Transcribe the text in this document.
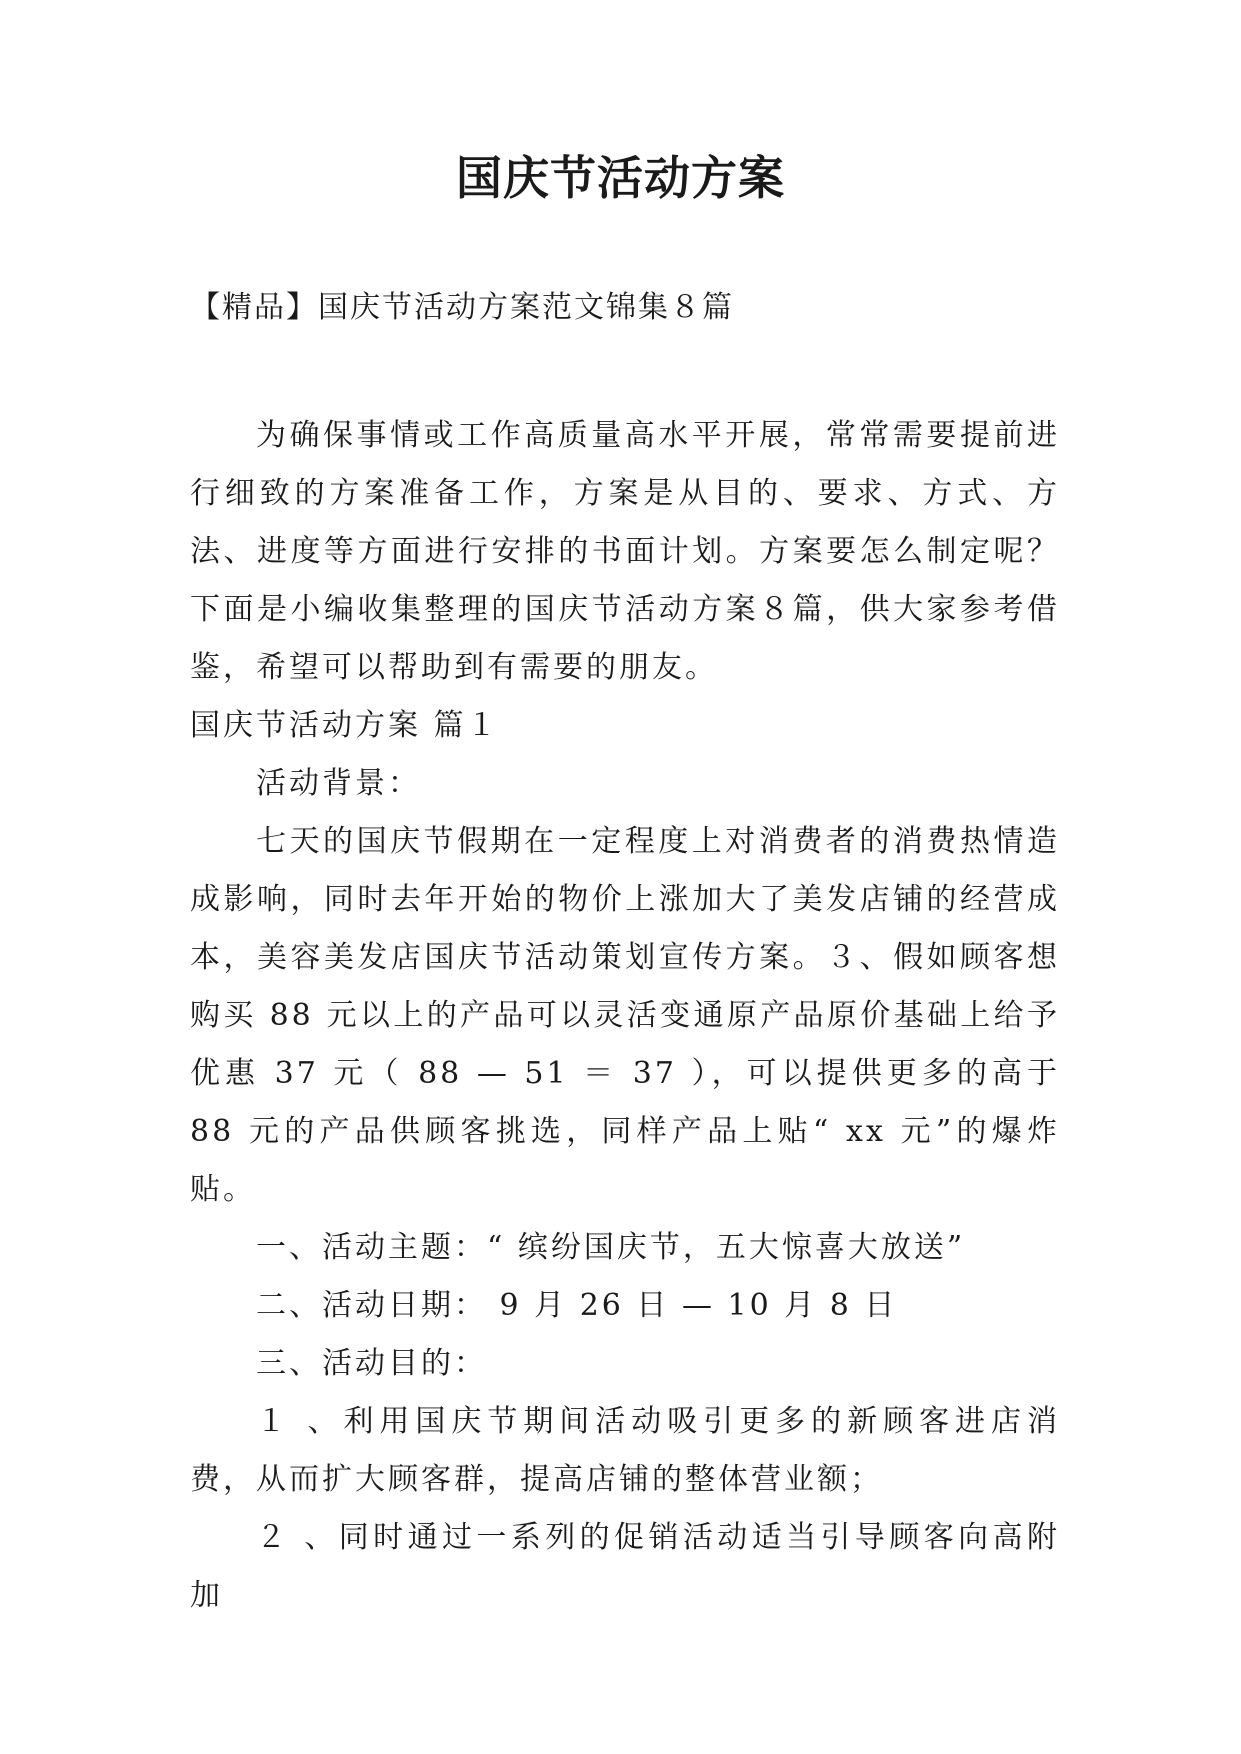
国庆节活动方案

【精品】国庆节活动方案范文锦集８篇

为确保事情或工作高质量高水平开展，常常需要提前进行细致的方案准备工作，方案是从目的、要求、方式、方法、进度等方面进行安排的书面计划。方案要怎么制定呢？下面是小编收集整理的国庆节活动方案８篇，供大家参考借鉴，希望可以帮助到有需要的朋友。

国庆节活动方案 篇１

活动背景：

七天的国庆节假期在一定程度上对消费者的消费热情造成影响，同时去年开始的物价上涨加大了美发店铺的经营成本，美容美发店国庆节活动策划宣传方案。３、假如顾客想购买 88 元以上的产品可以灵活变通原产品原价基础上给予优惠 37 元（ 88 — 51 ＝ 37 ），可以提供更多的高于 88 元的产品供顾客挑选，同样产品上贴“ xx 元”的爆炸贴。

一、活动主题：“ 缤纷国庆节，五大惊喜大放送”

二、活动日期： 9 月 26 日 — 10 月 8 日

三、活动目的：

１ 、利用国庆节期间活动吸引更多的新顾客进店消费，从而扩大顾客群，提高店铺的整体营业额；

２ 、同时通过一系列的促销活动适当引导顾客向高附加
